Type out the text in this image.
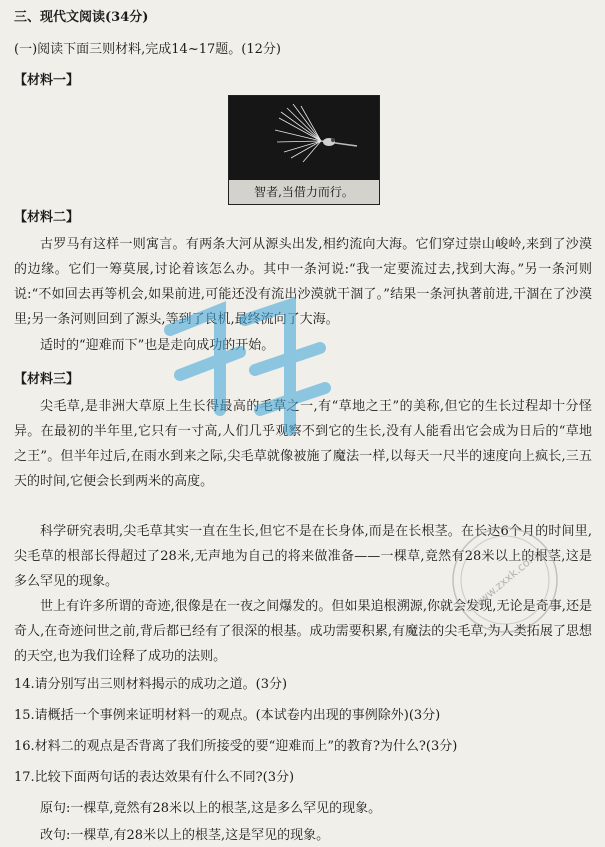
三、现代文阅读(34分)
(一)阅读下面三则材料,完成14~17题。(12分)
【材料一】
智者,当借力而行。
【材料二】
古罗马有这样一则寓言。有两条大河从源头出发,相约流向大海。它们穿过崇山峻岭,来到了沙漠的边缘。它们一筹莫展,讨论着该怎么办。其中一条河说:“我一定要流过去,找到大海。”另一条河则说:“不如回去再等机会,如果前进,可能还没有流出沙漠就干涸了。”结果一条河执著前进,干涸在了沙漠里;另一条河则回到了源头,等到了良机,最终流向了大海。
适时的“迎难而下”也是走向成功的开始。
【材料三】
尖毛草,是非洲大草原上生长得最高的毛草之一,有“草地之王”的美称,但它的生长过程却十分怪异。在最初的半年里,它只有一寸高,人们几乎观察不到它的生长,没有人能看出它会成为日后的“草地之王”。但半年过后,在雨水到来之际,尖毛草就像被施了魔法一样,以每天一尺半的速度向上疯长,三五天的时间,它便会长到两米的高度。
科学研究表明,尖毛草其实一直在生长,但它不是在长身体,而是在长根茎。在长达6个月的时间里,尖毛草的根部长得超过了28米,无声地为自己的将来做准备——一棵草,竟然有28米以上的根茎,这是多么罕见的现象。
世上有许多所谓的奇迹,很像是在一夜之间爆发的。但如果追根溯源,你就会发现,无论是奇事,还是奇人,在奇迹问世之前,背后都已经有了很深的根基。成功需要积累,有魔法的尖毛草,为人类拓展了思想的天空,也为我们诠释了成功的法则。
14.请分别写出三则材料揭示的成功之道。(3分)
15.请概括一个事例来证明材料一的观点。(本试卷内出现的事例除外)(3分)
16.材料二的观点是否背离了我们所接受的要“迎难而上”的教育?为什么?(3分)
17.比较下面两句话的表达效果有什么不同?(3分)
原句:一棵草,竟然有28米以上的根茎,这是多么罕见的现象。
改句:一棵草,有28米以上的根茎,这是罕见的现象。
www.zxxk.com
